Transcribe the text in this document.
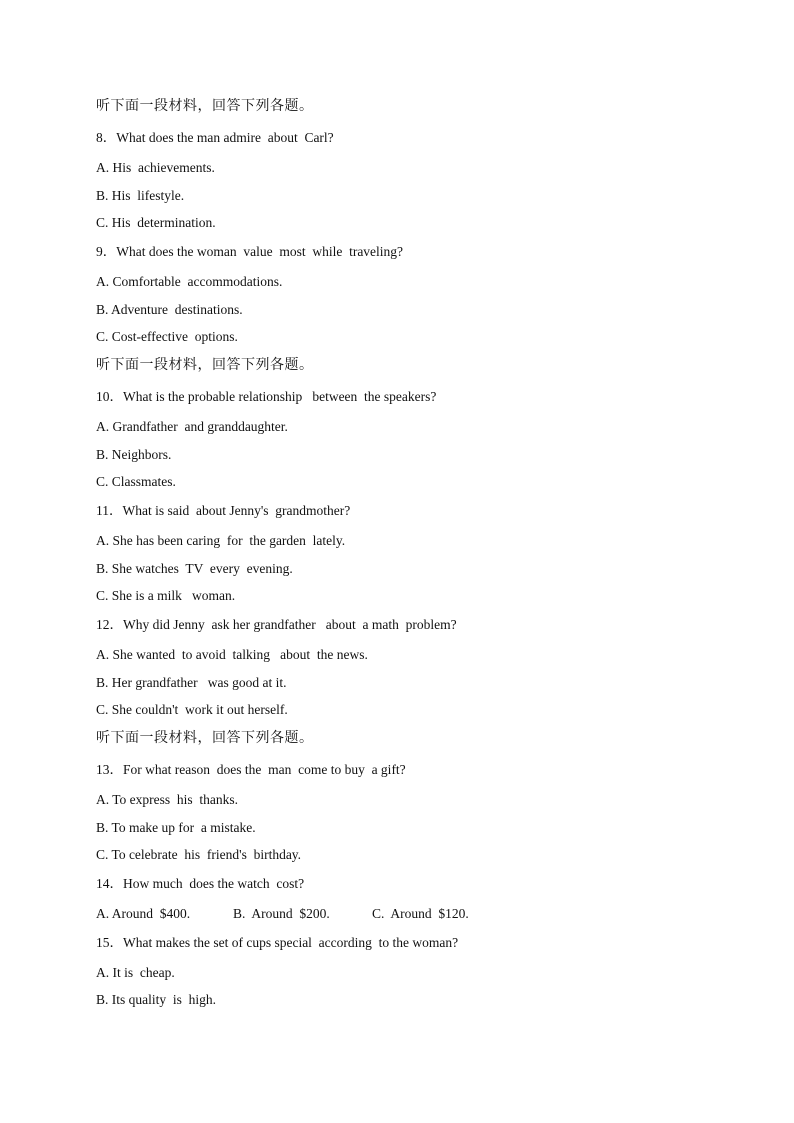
听下面一段材料，回答下列各题。
8．What does the man admire  about  Carl?
A. His  achievements.
B. His  lifestyle.
C. His  determination.
9．What does the woman  value  most  while  traveling?
A. Comfortable  accommodations.
B. Adventure  destinations.
C. Cost-effective  options.
听下面一段材料，回答下列各题。
10．What is the probable relationship   between  the speakers?
A. Grandfather  and granddaughter.
B. Neighbors.
C. Classmates.
11．What is said  about Jenny's  grandmother?
A. She has been caring  for  the garden  lately.
B. She watches  TV  every  evening.
C. She is a milk   woman.
12．Why did Jenny  ask her grandfather   about  a math  problem?
A. She wanted  to avoid  talking   about  the news.
B. Her grandfather   was good at it.
C. She couldn't  work it out herself.
听下面一段材料，回答下列各题。
13．For what reason  does the  man  come to buy  a gift?
A. To express  his  thanks.
B. To make up for  a mistake.
C. To celebrate  his  friend's  birthday.
14．How much  does the watch  cost?
A. Around  $400.	B.  Around  $200.	C.  Around  $120.
15．What makes the set of cups special  according  to the woman?
A. It is  cheap.
B. Its quality  is  high.
